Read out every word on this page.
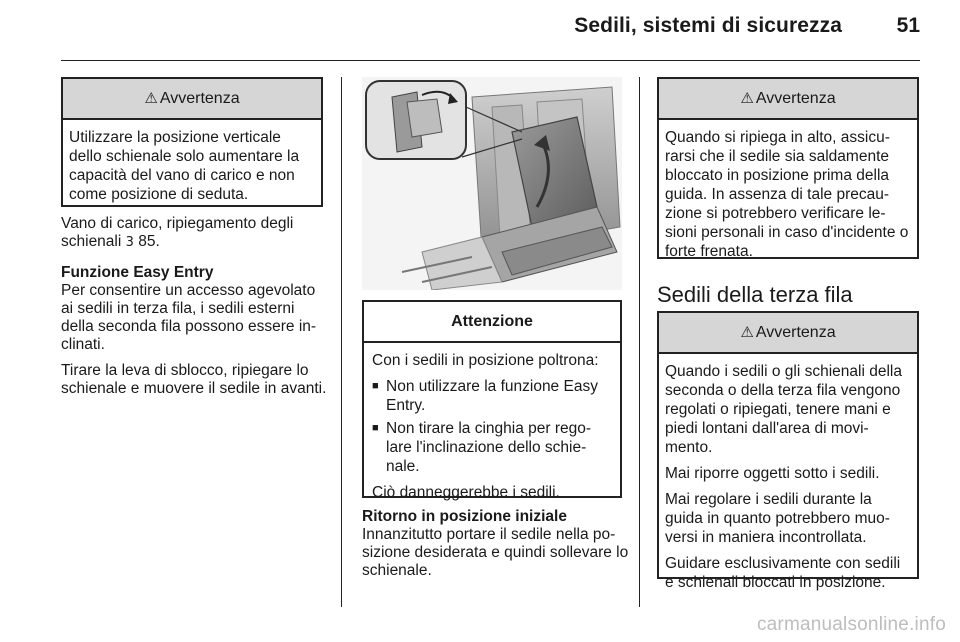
Sedili, sistemi di sicurezza	51
⚠ Avvertenza

Utilizzare la posizione verticale dello schienale solo aumentare la capacità del vano di carico e non come posizione di seduta.

Vano di carico, ripiegamento degli schienali 3 85.

Funzione Easy Entry
Per consentire un accesso agevolato ai sedili in terza fila, i sedili esterni della seconda fila possono essere in-clinati.

Tirare la leva di sblocco, ripiegare lo schienale e muovere il sedile in avanti.

Attenzione

Con i sedili in posizione poltrona:

■ Non utilizzare la funzione Easy Entry.
■ Non tirare la cinghia per rego-lare l'inclinazione dello schie-nale.

Ciò danneggerebbe i sedili.

Ritorno in posizione iniziale
Innanzitutto portare il sedile nella po-sizione desiderata e quindi sollevare lo schienale.
⚠ Avvertenza

Quando si ripiega in alto, assicu-rarsi che il sedile sia saldamente bloccato in posizione prima della guida. In assenza di tale precau-zione si potrebbero verificare le-sioni personali in caso d'incidente o forte frenata.

Sedili della terza fila
⚠ Avvertenza

Quando i sedili o gli schienali della seconda o della terza fila vengono regolati o ripiegati, tenere mani e piedi lontani dall'area di movi-mento.

Mai riporre oggetti sotto i sedili.

Mai regolare i sedili durante la guida in quanto potrebbero muo-versi in maniera incontrollata.

Guidare esclusivamente con sedili e schienali bloccati in posizione.

carmanualsonline.info
